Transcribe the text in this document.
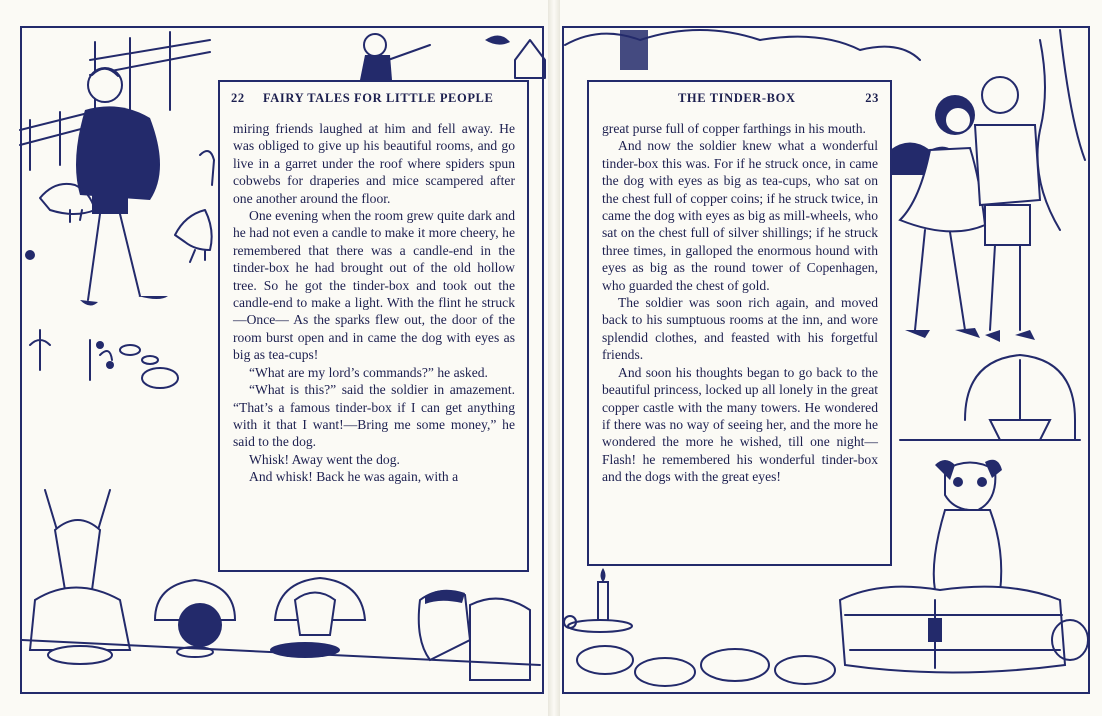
22 FAIRY TALES FOR LITTLE PEOPLE

miring friends laughed at him and fell away. He was obliged to give up his beautiful rooms, and go live in a garret under the roof where spiders spun cobwebs for draperies and mice scampered after one another around the floor.

One evening when the room grew quite dark and he had not even a candle to make it more cheery, he remembered that there was a candle-end in the tinder-box he had brought out of the old hollow tree. So he got the tinder-box and took out the candle-end to make a light. With the flint he struck—Once— As the sparks flew out, the door of the room burst open and in came the dog with eyes as big as tea-cups!

“What are my lord’s commands?” he asked.

“What is this?” said the soldier in amazement. “That’s a famous tinder-box if I can get anything with it that I want!—Bring me some money,” he said to the dog.

Whisk! Away went the dog.

And whisk! Back he was again, with a

THE TINDER-BOX	23

great purse full of copper farthings in his mouth.

And now the soldier knew what a wonderful tinder-box this was. For if he struck once, in came the dog with eyes as big as tea-cups, who sat on the chest full of copper coins; if he struck twice, in came the dog with eyes as big as mill-wheels, who sat on the chest full of silver shillings; if he struck three times, in galloped the enormous hound with eyes as big as the round tower of Copenhagen, who guarded the chest of gold.

The soldier was soon rich again, and moved back to his sumptuous rooms at the inn, and wore splendid clothes, and feasted with his forgetful friends.

And soon his thoughts began to go back to the beautiful princess, locked up all lonely in the great copper castle with the many towers. He wondered if there was no way of seeing her, and the more he wondered the more he wished, till one night—Flash! he remembered his wonderful tinder-box and the dogs with the great eyes!
